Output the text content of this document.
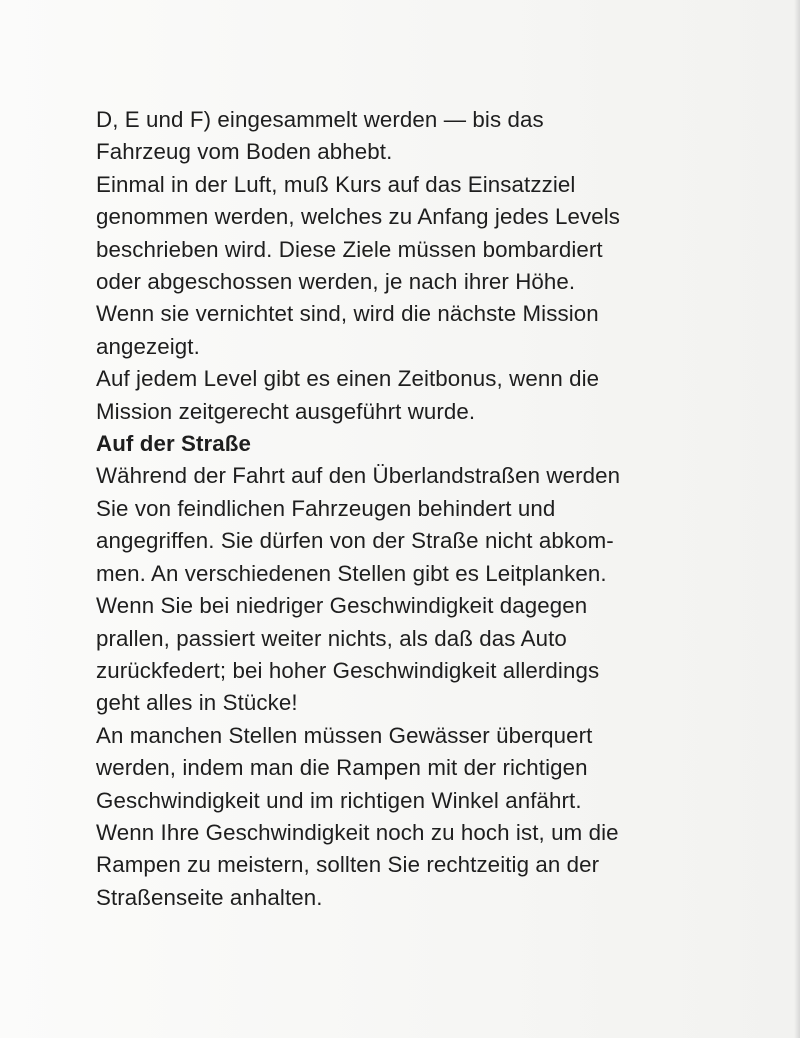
D, E und F) eingesammelt werden — bis das
Fahrzeug vom Boden abhebt.
Einmal in der Luft, muß Kurs auf das Einsatzziel
genommen werden, welches zu Anfang jedes Levels
beschrieben wird. Diese Ziele müssen bombardiert
oder abgeschossen werden, je nach ihrer Höhe.
Wenn sie vernichtet sind, wird die nächste Mission
angezeigt.
Auf jedem Level gibt es einen Zeitbonus, wenn die
Mission zeitgerecht ausgeführt wurde.
Auf der Straße
Während der Fahrt auf den Überlandstraßen werden
Sie von feindlichen Fahrzeugen behindert und
angegriffen. Sie dürfen von der Straße nicht abkom-
men. An verschiedenen Stellen gibt es Leitplanken.
Wenn Sie bei niedriger Geschwindigkeit dagegen
prallen, passiert weiter nichts, als daß das Auto
zurückfedert; bei hoher Geschwindigkeit allerdings
geht alles in Stücke!
An manchen Stellen müssen Gewässer überquert
werden, indem man die Rampen mit der richtigen
Geschwindigkeit und im richtigen Winkel anfährt.
Wenn Ihre Geschwindigkeit noch zu hoch ist, um die
Rampen zu meistern, sollten Sie rechtzeitig an der
Straßenseite anhalten.
